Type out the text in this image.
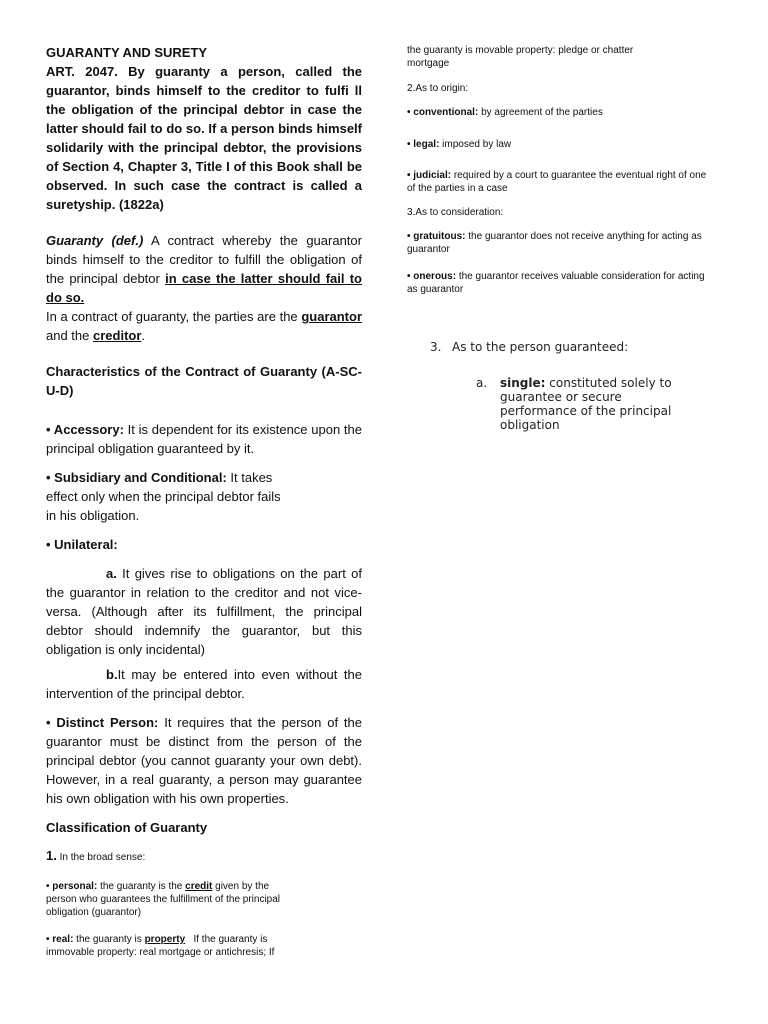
GUARANTY AND SURETY

ART. 2047. By guaranty a person, called the guarantor, binds himself to the creditor to fulfi ll the obligation of the principal debtor in case the latter should fail to do so. If a person binds himself solidarily with the principal debtor, the provisions of Section 4, Chapter 3, Title I of this Book shall be observed. In such case the contract is called a suretyship. (1822a)

Guaranty (def.) A contract whereby the guarantor binds himself to the creditor to fulfill the obligation of the principal debtor in case the latter should fail to do so.

In a contract of guaranty, the parties are the guarantor and the creditor.

Characteristics of the Contract of Guaranty (A-SC-U-D)

• Accessory: It is dependent for its existence upon the principal obligation guaranteed by it.

• Subsidiary and Conditional: It takes effect only when the principal debtor fails in his obligation.

• Unilateral:

a. It gives rise to obligations on the part of the guarantor in relation to the creditor and not vice-versa. (Although after its fulfillment, the principal debtor should indemnify the guarantor, but this obligation is only incidental)

b.It may be entered into even without the intervention of the principal debtor.

• Distinct Person: It requires that the person of the guarantor must be distinct from the person of the principal debtor (you cannot guaranty your own debt). However, in a real guaranty, a person may guarantee his own obligation with his own properties.

Classification of Guaranty

1. In the broad sense:

• personal: the guaranty is the credit given by the person who guarantees the fulfillment of the principal obligation (guarantor)

• real: the guaranty is property   If the guaranty is immovable property: real mortgage or antichresis; If

the guaranty is movable property: pledge or chatter mortgage

2.As to origin:

• conventional: by agreement of the parties

• legal: imposed by law

• judicial: required by a court to guarantee the eventual right of one of the parties in a case

3.As to consideration:

• gratuitous: the guarantor does not receive anything for acting as guarantor

• onerous: the guarantor receives valuable consideration for acting as guarantor

3. As to the person guaranteed:

a. single: constituted solely to guarantee or secure performance of the principal obligation
